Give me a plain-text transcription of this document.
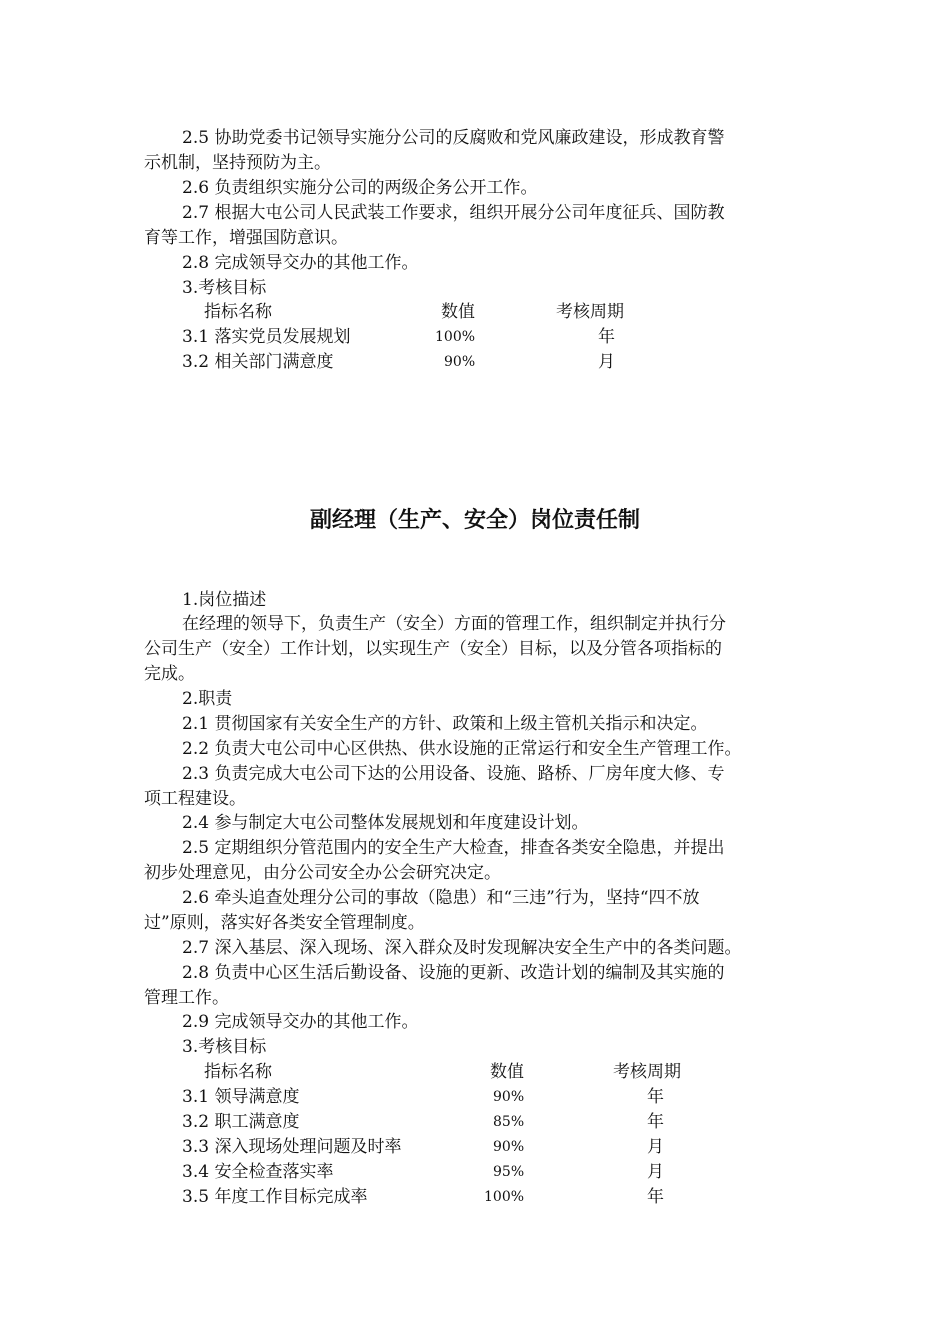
2.5 协助党委书记领导实施分公司的反腐败和党风廉政建设，形成教育警
示机制，坚持预防为主。
2.6 负责组织实施分公司的两级企务公开工作。
2.7 根据大屯公司人民武装工作要求，组织开展分公司年度征兵、国防教
育等工作，增强国防意识。
2.8 完成领导交办的其他工作。
3.考核目标
指标名称	数值	考核周期
3.1 落实党员发展规划	100%	年
3.2 相关部门满意度	90%	月
副经理（生产、安全）岗位责任制
1.岗位描述
在经理的领导下，负责生产（安全）方面的管理工作，组织制定并执行分
公司生产（安全）工作计划，以实现生产（安全）目标，以及分管各项指标的
完成。
2.职责
2.1 贯彻国家有关安全生产的方针、政策和上级主管机关指示和决定。
2.2 负责大屯公司中心区供热、供水设施的正常运行和安全生产管理工作。
2.3 负责完成大屯公司下达的公用设备、设施、路桥、厂房年度大修、专
项工程建设。
2.4 参与制定大屯公司整体发展规划和年度建设计划。
2.5 定期组织分管范围内的安全生产大检查，排查各类安全隐患，并提出
初步处理意见，由分公司安全办公会研究决定。
2.6 牵头追查处理分公司的事故（隐患）和“三违”行为，坚持“四不放
过”原则，落实好各类安全管理制度。
2.7 深入基层、深入现场、深入群众及时发现解决安全生产中的各类问题。
2.8 负责中心区生活后勤设备、设施的更新、改造计划的编制及其实施的
管理工作。
2.9 完成领导交办的其他工作。
3.考核目标
指标名称	数值	考核周期
3.1 领导满意度	90%	年
3.2 职工满意度	85%	年
3.3 深入现场处理问题及时率	90%	月
3.4 安全检查落实率	95%	月
3.5 年度工作目标完成率	100%	年
